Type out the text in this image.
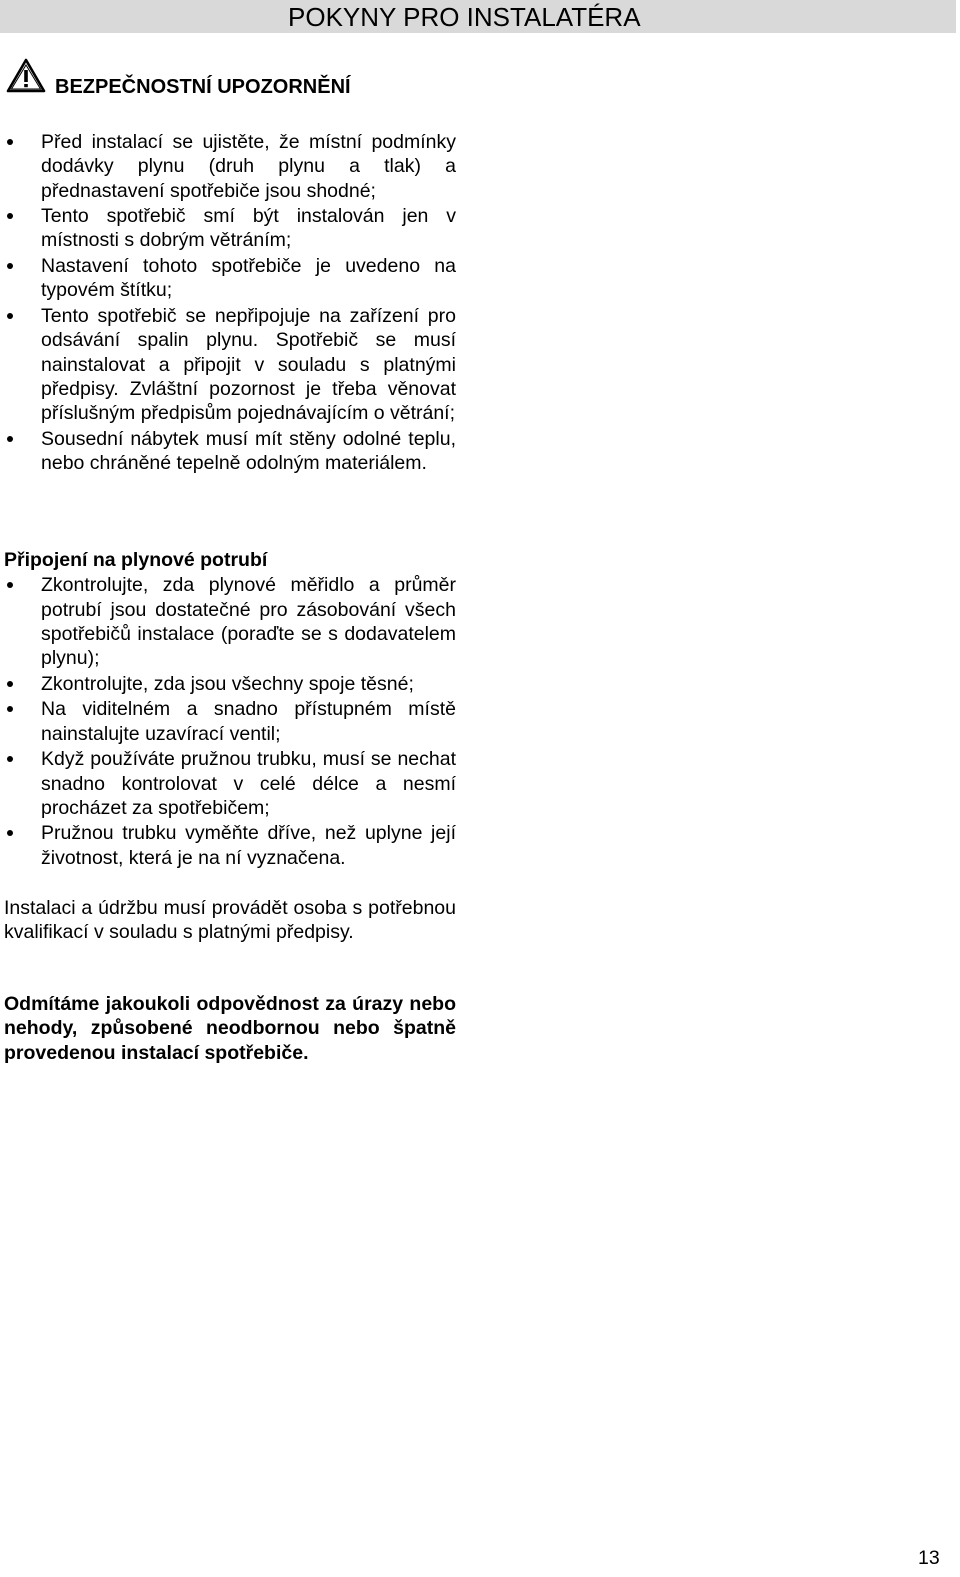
POKYNY PRO INSTALATÉRA
BEZPEČNOSTNÍ UPOZORNĚNÍ
Před instalací se ujistěte, že místní podmínky dodávky plynu (druh plynu a tlak) a přednastavení spotřebiče jsou shodné;
Tento spotřebič smí být instalován jen v místnosti s dobrým větráním;
Nastavení tohoto spotřebiče je uvedeno na typovém štítku;
Tento spotřebič se nepřipojuje na zařízení pro odsávání spalin plynu. Spotřebič se musí nainstalovat a připojit v souladu s platnými předpisy. Zvláštní pozornost je třeba věnovat příslušným předpisům pojednávajícím o větrání;
Sousední nábytek musí mít stěny odolné teplu, nebo chráněné tepelně odolným materiálem.
Připojení na plynové potrubí
Zkontrolujte, zda plynové měřidlo a průměr potrubí jsou dostatečné pro zásobování všech spotřebičů instalace (poraďte se s dodavatelem plynu);
Zkontrolujte, zda jsou všechny spoje těsné;
Na viditelném a snadno přístupném místě nainstalujte uzavírací ventil;
Když používáte pružnou trubku, musí se nechat snadno kontrolovat v celé délce a nesmí procházet za spotřebičem;
Pružnou trubku vyměňte dříve, než uplyne její životnost, která je na ní vyznačena.

Instalaci a údržbu musí provádět osoba s potřebnou kvalifikací v souladu s platnými předpisy.

Odmítáme jakoukoli odpovědnost za úrazy nebo nehody, způsobené neodbornou nebo špatně provedenou instalací spotřebiče.

13
